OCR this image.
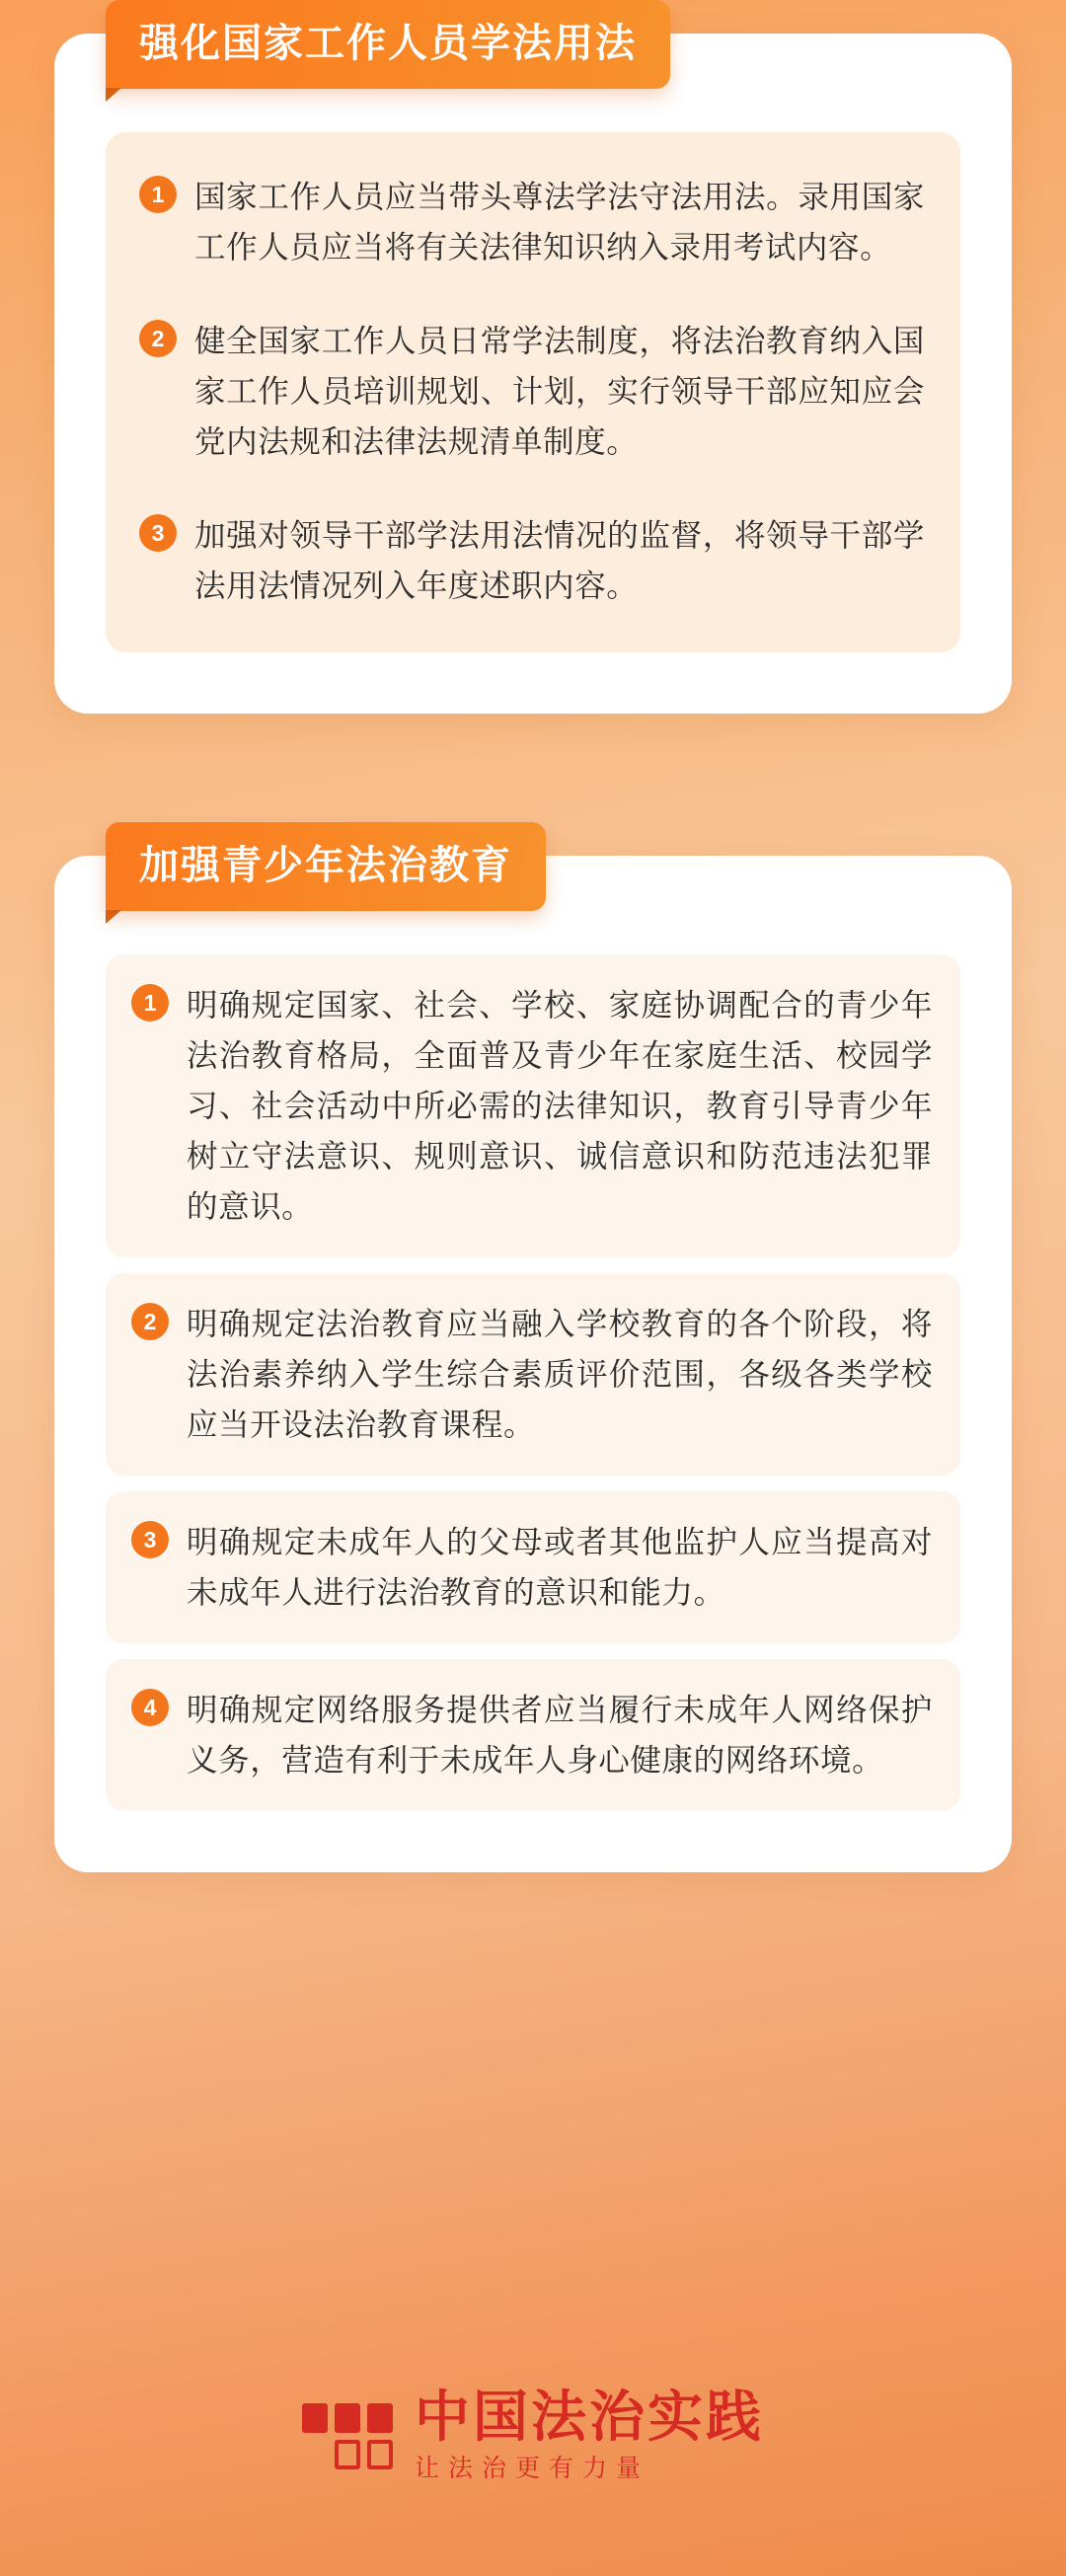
强化国家工作人员学法用法
1 国家工作人员应当带头尊法学法守法用法。录用国家工作人员应当将有关法律知识纳入录用考试内容。
2 健全国家工作人员日常学法制度，将法治教育纳入国家工作人员培训规划、计划，实行领导干部应知应会党内法规和法律法规清单制度。
3 加强对领导干部学法用法情况的监督，将领导干部学法用法情况列入年度述职内容。
加强青少年法治教育
1 明确规定国家、社会、学校、家庭协调配合的青少年法治教育格局，全面普及青少年在家庭生活、校园学习、社会活动中所必需的法律知识，教育引导青少年树立守法意识、规则意识、诚信意识和防范违法犯罪的意识。
2 明确规定法治教育应当融入学校教育的各个阶段，将法治素养纳入学生综合素质评价范围，各级各类学校应当开设法治教育课程。
3 明确规定未成年人的父母或者其他监护人应当提高对未成年人进行法治教育的意识和能力。
4 明确规定网络服务提供者应当履行未成年人网络保护义务，营造有利于未成年人身心健康的网络环境。
中国法治实践
让法治更有力量
